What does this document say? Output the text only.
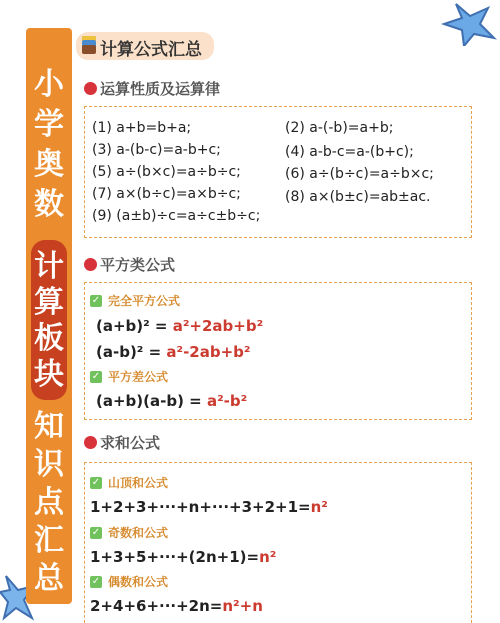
小
学
奥
数
计
算
板
块
知
识
点
汇
总
计算公式汇总
运算性质及运算律
(1) a+b=b+a;	(2) a-(-b)=a+b;
(3) a-(b-c)=a-b+c;	(4) a-b-c=a-(b+c);
(5) a÷(b×c)=a÷b÷c;	(6) a÷(b÷c)=a÷b×c;
(7) a×(b÷c)=a×b÷c;	(8) a×(b±c)=ab±ac.
(9) (a±b)÷c=a÷c±b÷c;
平方类公式
✓ 完全平方公式
(a+b)² = a²+2ab+b²
(a-b)² = a²-2ab+b²
✓ 平方差公式
(a+b)(a-b) = a²-b²
求和公式
✓ 山顶和公式
1+2+3+···+n+···+3+2+1=n²
✓ 奇数和公式
1+3+5+···+(2n+1)=n²
✓ 偶数和公式
2+4+6+···+2n=n²+n
